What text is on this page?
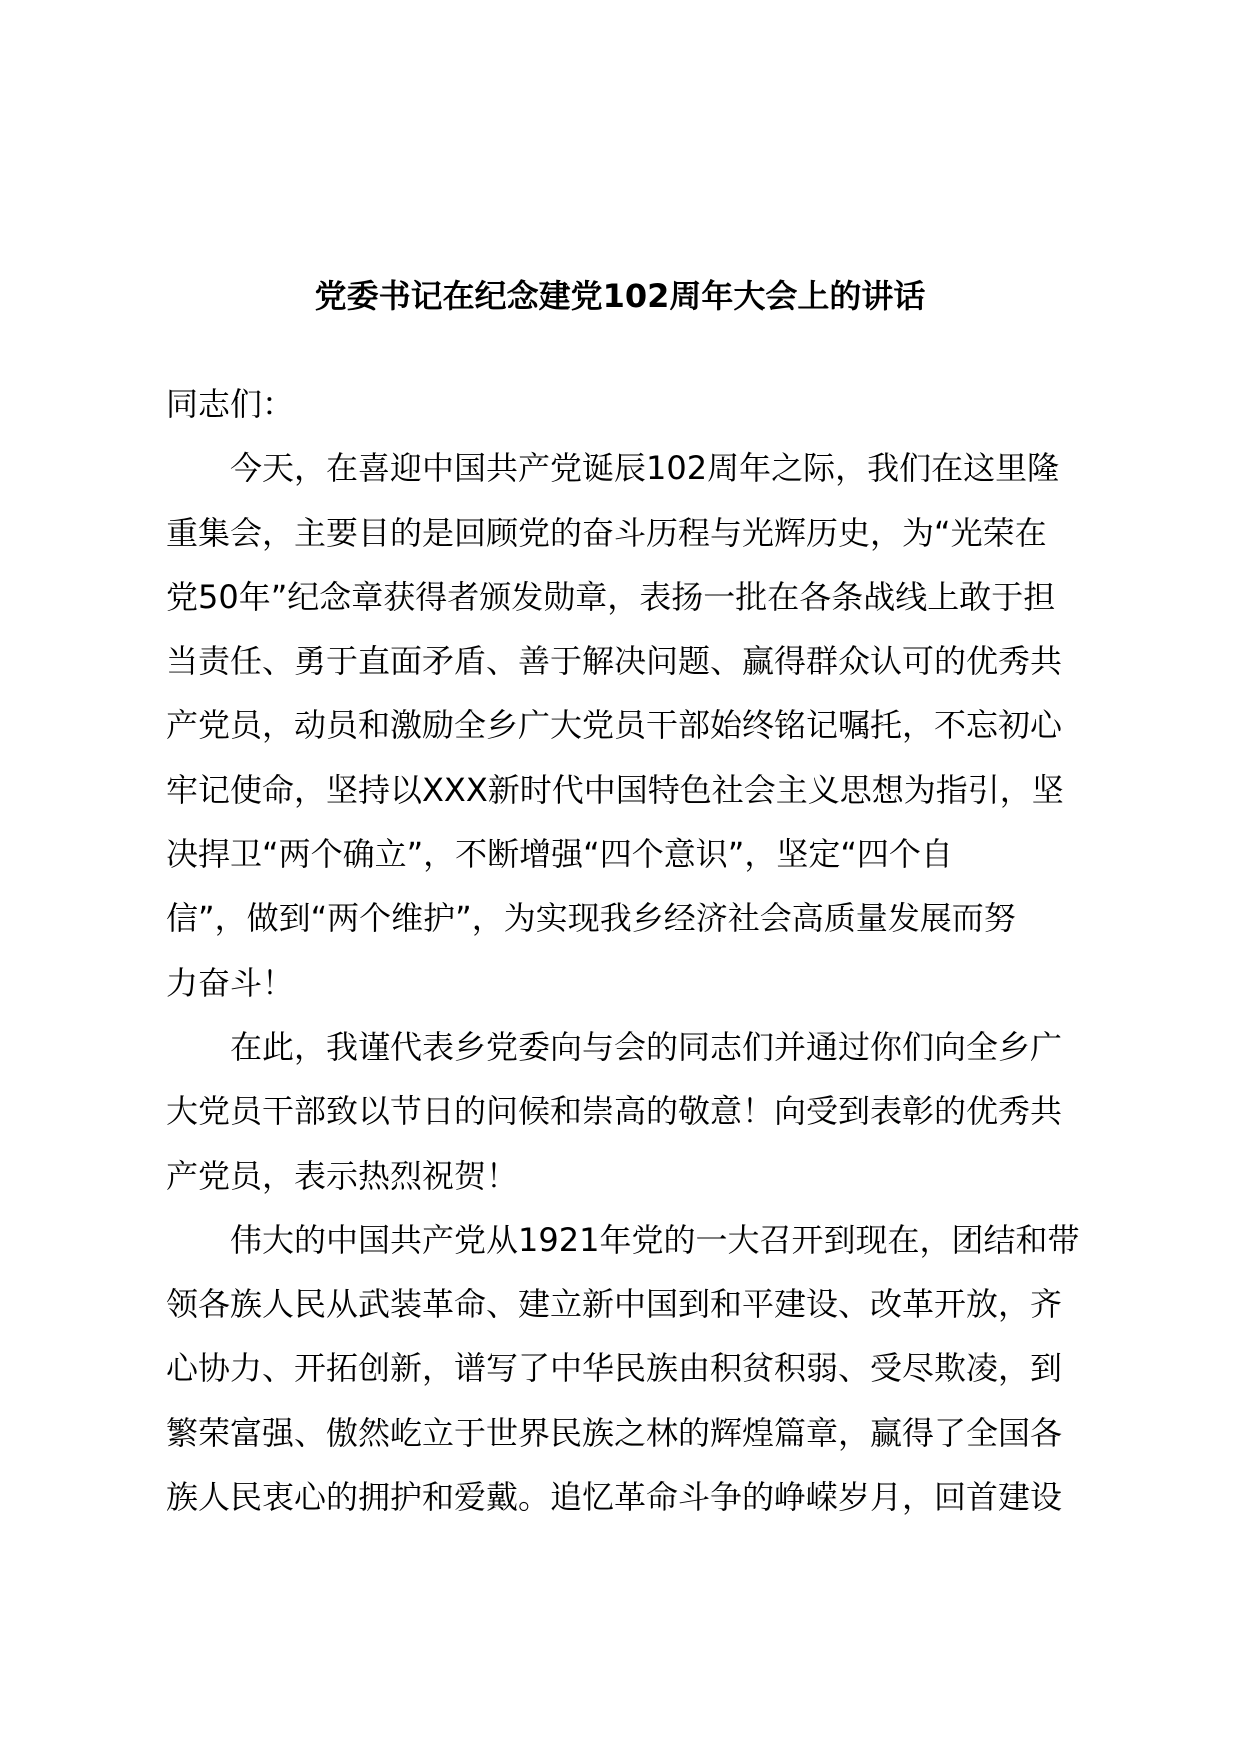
党委书记在纪念建党102周年大会上的讲话
同志们：
今天，在喜迎中国共产党诞辰102周年之际，我们在这里隆
重集会，主要目的是回顾党的奋斗历程与光辉历史，为“光荣在
党50年”纪念章获得者颁发勋章，表扬一批在各条战线上敢于担
当责任、勇于直面矛盾、善于解决问题、赢得群众认可的优秀共
产党员，动员和激励全乡广大党员干部始终铭记嘱托，不忘初心
牢记使命，坚持以XXX新时代中国特色社会主义思想为指引，坚
决捍卫“两个确立”，不断增强“四个意识”，坚定“四个自
信”，做到“两个维护”，为实现我乡经济社会高质量发展而努
力奋斗！
在此，我谨代表乡党委向与会的同志们并通过你们向全乡广
大党员干部致以节日的问候和崇高的敬意！向受到表彰的优秀共
产党员，表示热烈祝贺！
伟大的中国共产党从1921年党的一大召开到现在，团结和带
领各族人民从武装革命、建立新中国到和平建设、改革开放，齐
心协力、开拓创新，谱写了中华民族由积贫积弱、受尽欺凌，到
繁荣富强、傲然屹立于世界民族之林的辉煌篇章，赢得了全国各
族人民衷心的拥护和爱戴。追忆革命斗争的峥嵘岁月，回首建设
